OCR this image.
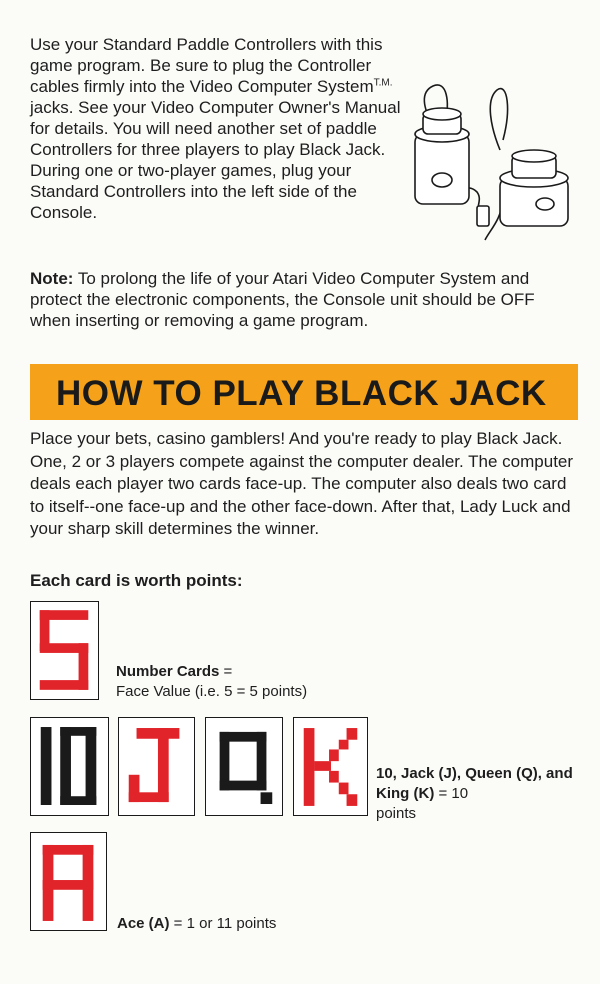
Use your Standard Paddle Controllers with this game program. Be sure to plug the Controller cables firmly into the Video Computer System$^{T.M.}$ jacks. See your Video Computer Owner's Manual for details. You will need another set of paddle Controllers for three players to play Black Jack. During one or two-player games, plug your Standard Controllers into the left side of the Console.

Note: To prolong the life of your Atari Video Computer System and protect the electronic components, the Console unit should be OFF when inserting or removing a game program.

HOW TO PLAY BLACK JACK

Place your bets, casino gamblers! And you're ready to play Black Jack. One, 2 or 3 players compete against the computer dealer. The computer deals each player two cards face-up. The computer also deals two card to itself--one face-up and the other face-down. After that, Lady Luck and your sharp skill determines the winner.

Each card is worth points:

Number Cards =
Face Value (i.e. 5 = 5 points)

10, Jack (J), Queen (Q), and King (K) = 10
points

Ace (A) = 1 or 11 points
